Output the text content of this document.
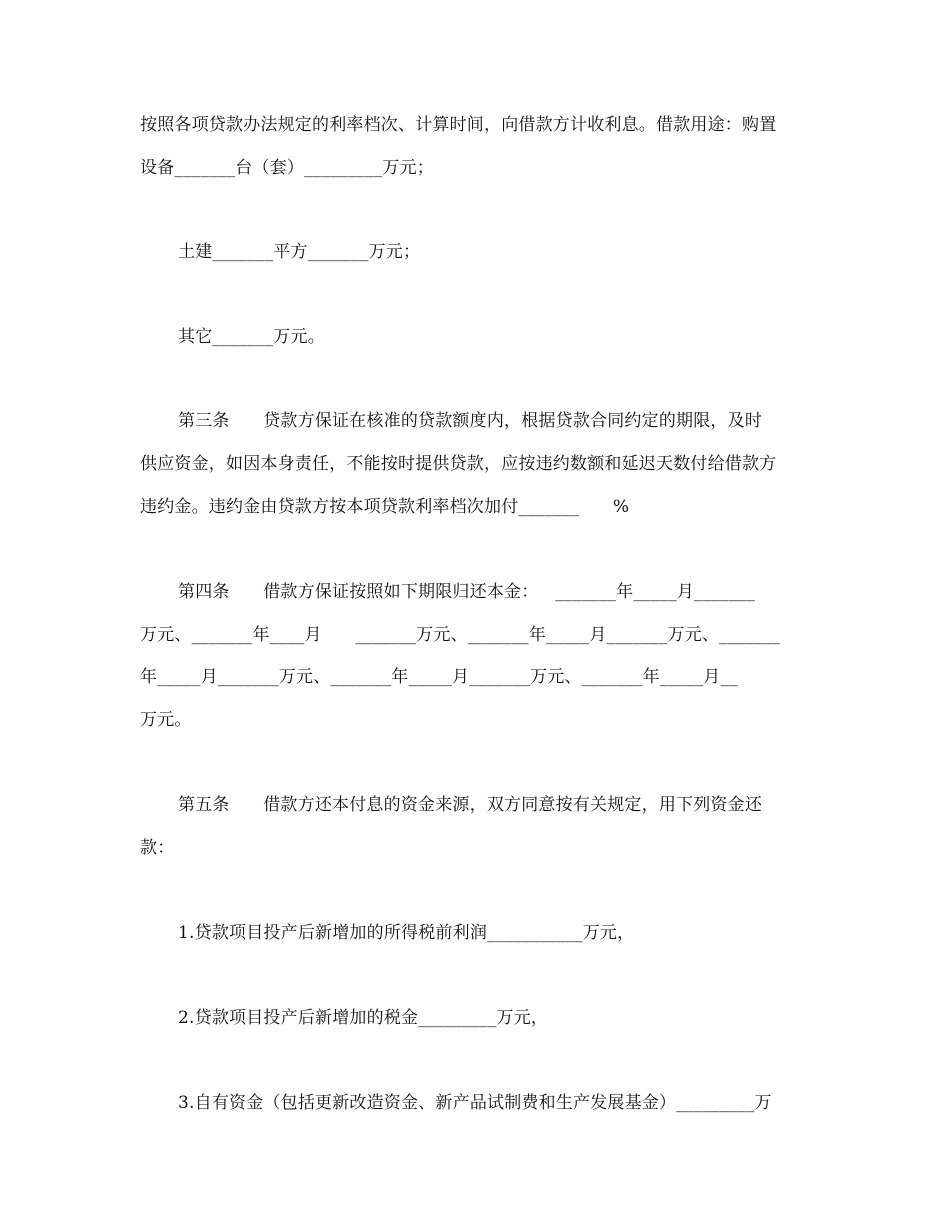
按照各项贷款办法规定的利率档次、计算时间，向借款方计收利息。借款用途：购置
设备_______台（套）_________万元；
土建_______平方_______万元；
其它_______万元。
第三条      贷款方保证在核准的贷款额度内，根据贷款合同约定的期限，及时
供应资金，如因本身责任，不能按时提供贷款，应按违约数额和延迟天数付给借款方
违约金。违约金由贷款方按本项贷款利率档次加付_______      %
第四条      借款方保证按照如下期限归还本金：   _______年_____月_______
万元、_______年____月      _______万元、_______年_____月_______万元、_______
年_____月_______万元、_______年_____月_______万元、_______年_____月__
万元。
第五条      借款方还本付息的资金来源，双方同意按有关规定，用下列资金还
款：
1.贷款项目投产后新增加的所得税前利润___________万元，
2.贷款项目投产后新增加的税金_________万元，
3.自有资金（包括更新改造资金、新产品试制费和生产发展基金）_________万
